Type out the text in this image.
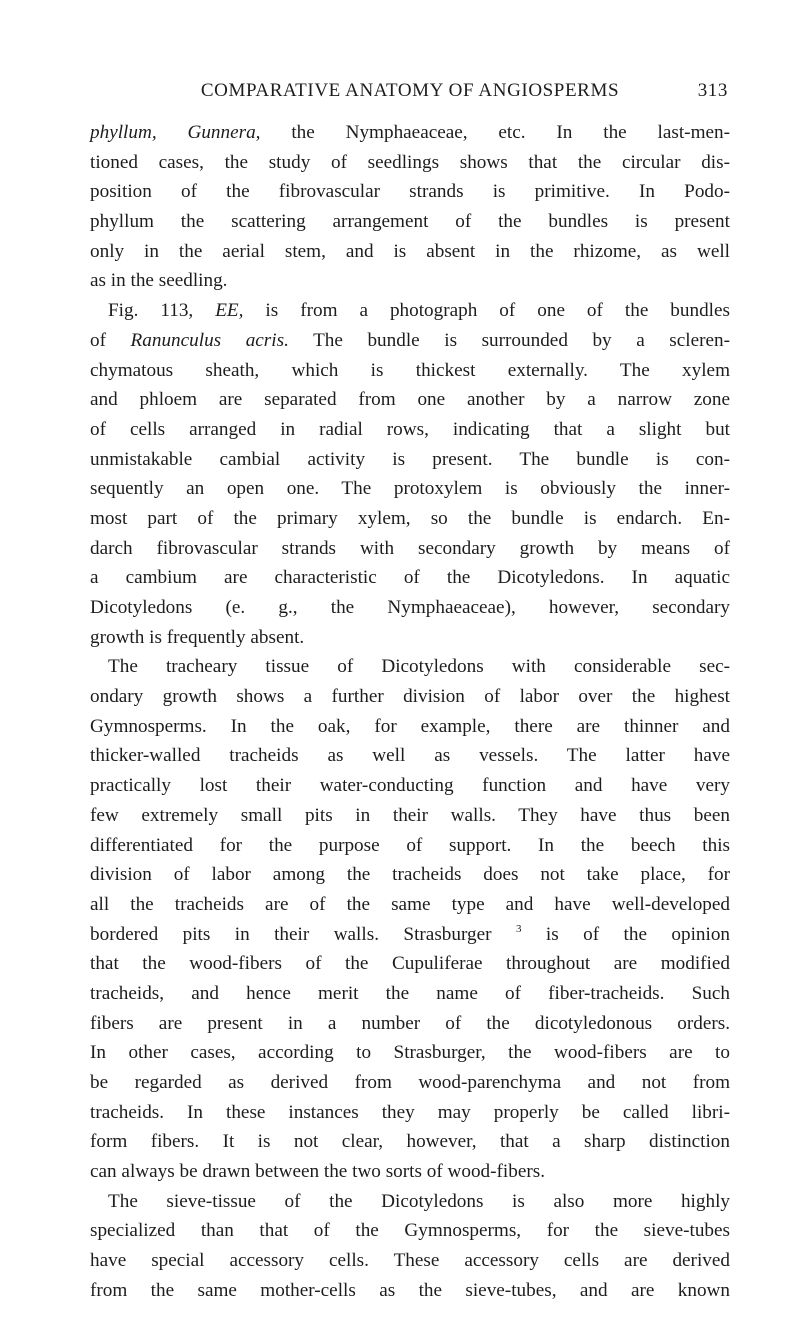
COMPARATIVE ANATOMY OF ANGIOSPERMS	313
phyllum, Gunnera, the Nymphaeaceae, etc. In the last-men-
tioned cases, the study of seedlings shows that the circular dis-
position of the fibrovascular strands is primitive. In Podo-
phyllum the scattering arrangement of the bundles is present
only in the aerial stem, and is absent in the rhizome, as well
as in the seedling.
Fig. 113, EE, is from a photograph of one of the bundles
of Ranunculus acris. The bundle is surrounded by a scleren-
chymatous sheath, which is thickest externally. The xylem
and phloem are separated from one another by a narrow zone
of cells arranged in radial rows, indicating that a slight but
unmistakable cambial activity is present. The bundle is con-
sequently an open one. The protoxylem is obviously the inner-
most part of the primary xylem, so the bundle is endarch. En-
darch fibrovascular strands with secondary growth by means of
a cambium are characteristic of the Dicotyledons. In aquatic
Dicotyledons (e. g., the Nymphaeaceae), however, secondary
growth is frequently absent.
The tracheary tissue of Dicotyledons with considerable sec-
ondary growth shows a further division of labor over the highest
Gymnosperms. In the oak, for example, there are thinner and
thicker-walled tracheids as well as vessels. The latter have
practically lost their water-conducting function and have very
few extremely small pits in their walls. They have thus been
differentiated for the purpose of support. In the beech this
division of labor among the tracheids does not take place, for
all the tracheids are of the same type and have well-developed
bordered pits in their walls. Strasburger $^3$ is of the opinion
that the wood-fibers of the Cupuliferae throughout are modified
tracheids, and hence merit the name of fiber-tracheids. Such
fibers are present in a number of the dicotyledonous orders.
In other cases, according to Strasburger, the wood-fibers are to
be regarded as derived from wood-parenchyma and not from
tracheids. In these instances they may properly be called libri-
form fibers. It is not clear, however, that a sharp distinction
can always be drawn between the two sorts of wood-fibers.
The sieve-tissue of the Dicotyledons is also more highly
specialized than that of the Gymnosperms, for the sieve-tubes
have special accessory cells. These accessory cells are derived
from the same mother-cells as the sieve-tubes, and are known
